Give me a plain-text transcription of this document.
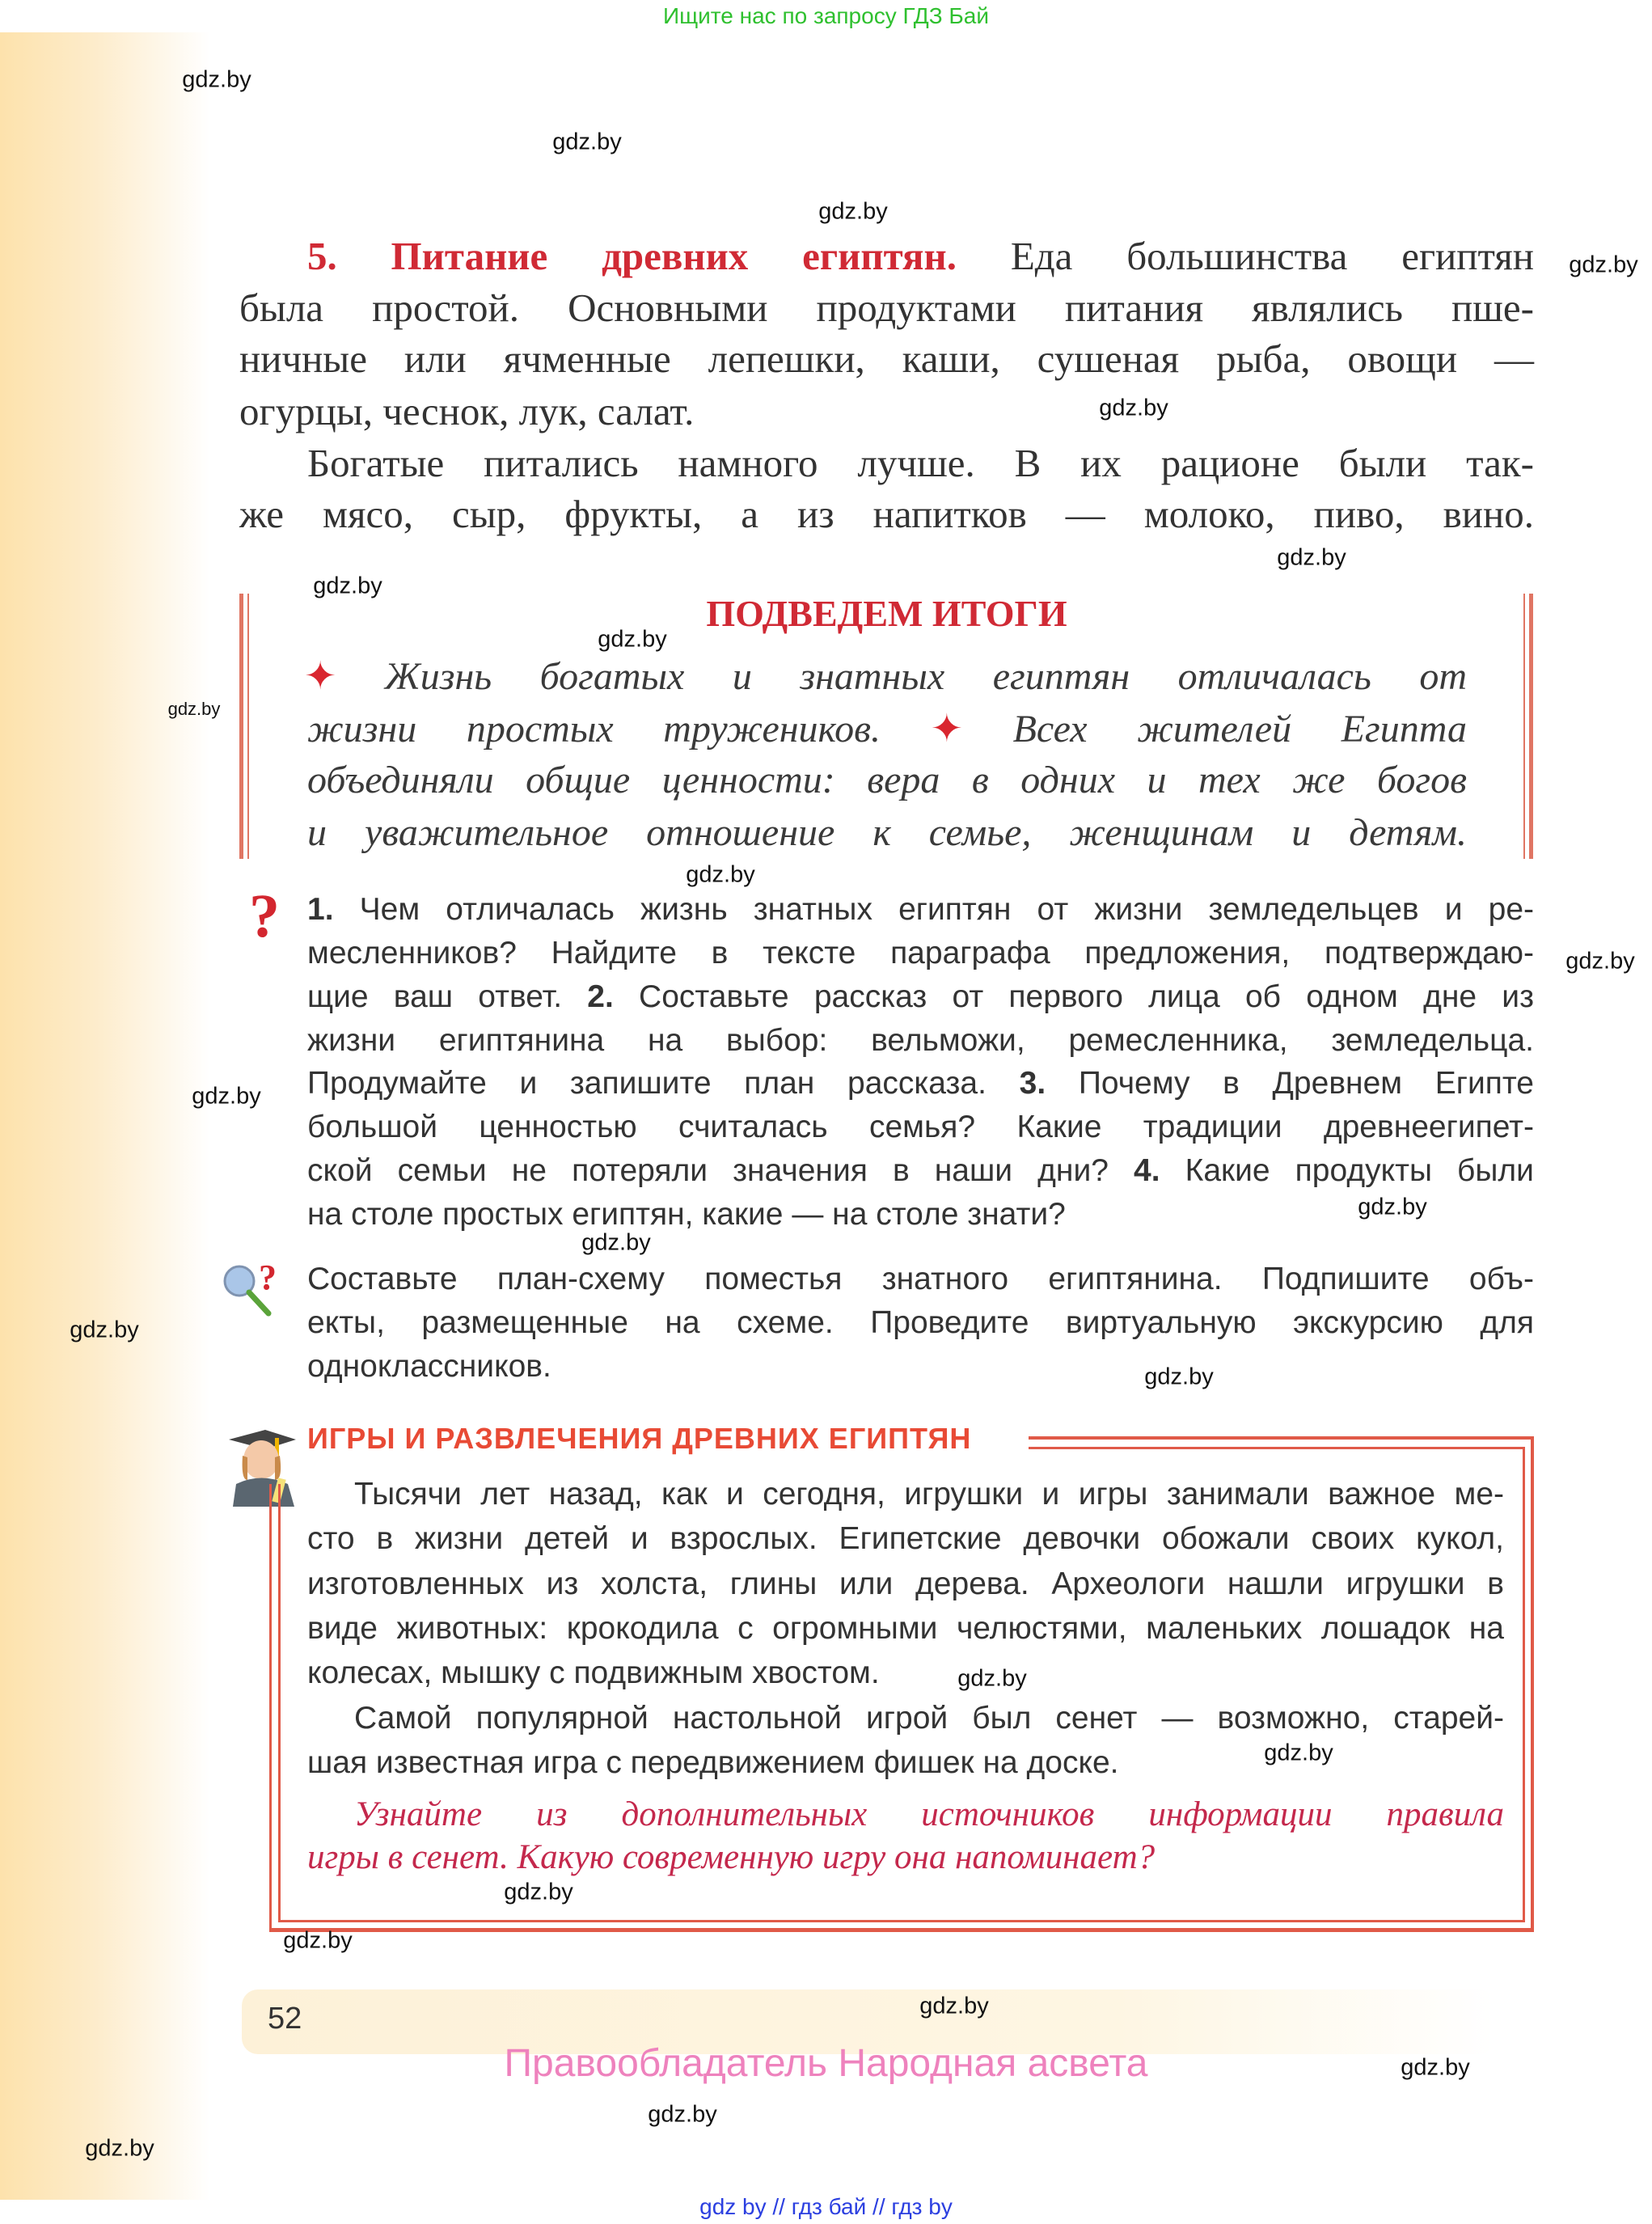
Ищите нас по запросу ГДЗ Бай
5. Питание древних египтян. Еда большинства египтян
была простой. Основными продуктами питания являлись пше-
ничные или ячменные лепешки, каши, сушеная рыба, овощи —
огурцы, чеснок, лук, салат.
Богатые питались намного лучше. В их рационе были так-
же мясо, сыр, фрукты, а из напитков — молоко, пиво, вино.
ПОДВЕДЕМ ИТОГИ
✦ Жизнь богатых и знатных египтян отличалась от
жизни простых тружеников. ✦ Всех жителей Египта
объединяли общие ценности: вера в одних и тех же богов
и уважительное отношение к семье, женщинам и детям.
? 1. Чем отличалась жизнь знатных египтян от жизни земледельцев и ре-
месленников? Найдите в тексте параграфа предложения, подтверждаю-
щие ваш ответ. 2. Составьте рассказ от первого лица об одном дне из
жизни египтянина на выбор: вельможи, ремесленника, земледельца.
Продумайте и запишите план рассказа. 3. Почему в Древнем Египте
большой ценностью считалась семья? Какие традиции древнеегипет-
ской семьи не потеряли значения в наши дни? 4. Какие продукты были
на столе простых египтян, какие — на столе знати?
? Составьте план-схему поместья знатного египтянина. Подпишите объ-
екты, размещенные на схеме. Проведите виртуальную экскурсию для
одноклассников.
ИГРЫ И РАЗВЛЕЧЕНИЯ ДРЕВНИХ ЕГИПТЯН
Тысячи лет назад, как и сегодня, игрушки и игры занимали важное ме-
сто в жизни детей и взрослых. Египетские девочки обожали своих кукол,
изготовленных из холста, глины или дерева. Археологи нашли игрушки в
виде животных: крокодила с огромными челюстями, маленьких лошадок на
колесах, мышку с подвижным хвостом.
Самой популярной настольной игрой был сенет — возможно, старей-
шая известная игра с передвижением фишек на доске.
Узнайте из дополнительных источников информации правила
игры в сенет. Какую современную игру она напоминает?
52
Правообладатель Народная асвета
gdz by // гдз бай // гдз by
gdz.by
gdz.by
gdz.by
gdz.by
gdz.by
gdz.by
gdz.by
gdz.by
gdz.by
gdz.by
gdz.by
gdz.by
gdz.by
gdz.by
gdz.by
gdz.by
gdz.by
gdz.by
gdz.by
gdz.by
gdz.by
gdz.by
gdz.by
gdz.by
